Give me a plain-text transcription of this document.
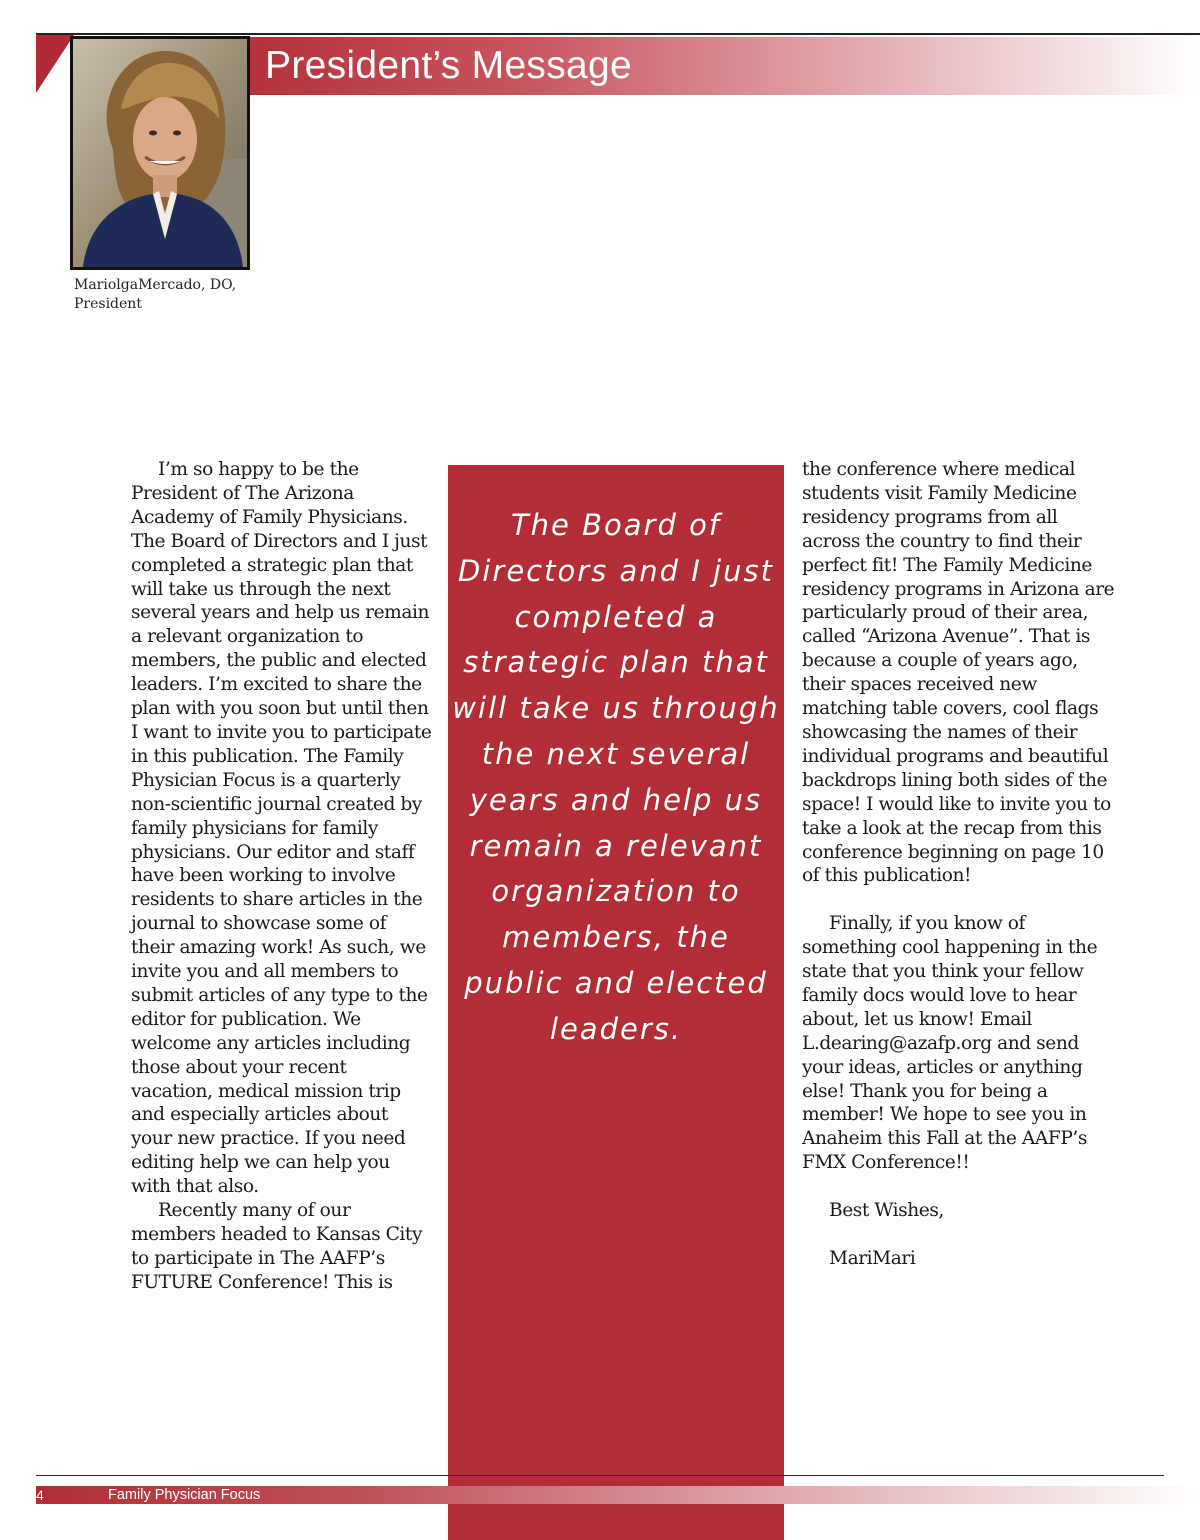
President’s Message
MariolgaMercado, DO,
President

I’m so happy to be the President of The Arizona Academy of Family Physicians. The Board of Directors and I just completed a strategic plan that will take us through the next several years and help us remain a relevant organization to members, the public and elected leaders. I’m excited to share the plan with you soon but until then I want to invite you to participate in this publication. The Family Physician Focus is a quarterly non-scientific journal created by family physicians for family physicians. Our editor and staff have been working to involve residents to share articles in the journal to showcase some of their amazing work! As such, we invite you and all members to submit articles of any type to the editor for publication. We welcome any articles including those about your recent vacation, medical mission trip and especially articles about your new practice. If you need editing help we can help you with that also.

Recently many of our members headed to Kansas City to participate in The AAFP’s FUTURE Conference! This is

The Board of Directors and I just completed a strategic plan that will take us through the next several years and help us remain a relevant organization to members, the public and elected leaders.

the conference where medical students visit Family Medicine residency programs from all across the country to find their perfect fit! The Family Medicine residency programs in Arizona are particularly proud of their area, called “Arizona Avenue”. That is because a couple of years ago, their spaces received new matching table covers, cool flags showcasing the names of their individual programs and beautiful backdrops lining both sides of the space! I would like to invite you to take a look at the recap from this conference beginning on page 10 of this publication!

Finally, if you know of something cool happening in the state that you think your fellow family docs would love to hear about, let us know! Email L.dearing@azafp.org and send your ideas, articles or anything else! Thank you for being a member! We hope to see you in Anaheim this Fall at the AAFP’s FMX Conference!!

Best Wishes,

MariMari

4	Family Physician Focus
